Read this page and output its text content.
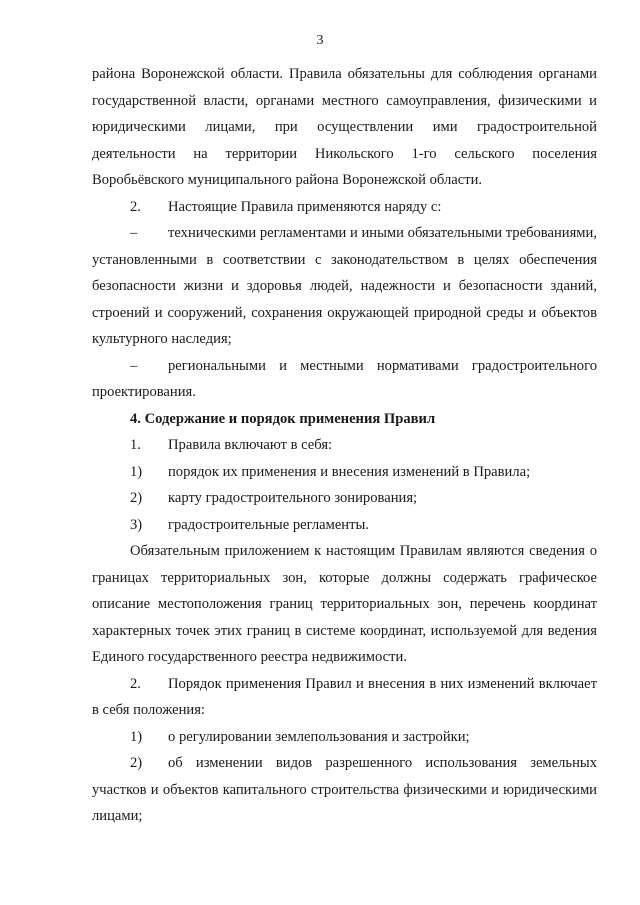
3

района Воронежской области. Правила обязательны для соблюдения органами государственной власти, органами местного самоуправления, физическими и юридическими лицами, при осуществлении ими градостроительной деятельности на территории Никольского 1-го сельского поселения Воробьёвского муниципального района Воронежской области.

2. Настоящие Правила применяются наряду с:

– техническими регламентами и иными обязательными требованиями, установленными в соответствии с законодательством в целях обеспечения безопасности жизни и здоровья людей, надежности и безопасности зданий, строений и сооружений, сохранения окружающей природной среды и объектов культурного наследия;

– региональными и местными нормативами градостроительного проектирования.

4. Содержание и порядок применения Правил

1. Правила включают в себя:

1) порядок их применения и внесения изменений в Правила;

2) карту градостроительного зонирования;

3) градостроительные регламенты.

Обязательным приложением к настоящим Правилам являются сведения о границах территориальных зон, которые должны содержать графическое описание местоположения границ территориальных зон, перечень координат характерных точек этих границ в системе координат, используемой для ведения Единого государственного реестра недвижимости.

2. Порядок применения Правил и внесения в них изменений включает в себя положения:

1) о регулировании землепользования и застройки;

2) об изменении видов разрешенного использования земельных участков и объектов капитального строительства физическими и юридическими лицами;
